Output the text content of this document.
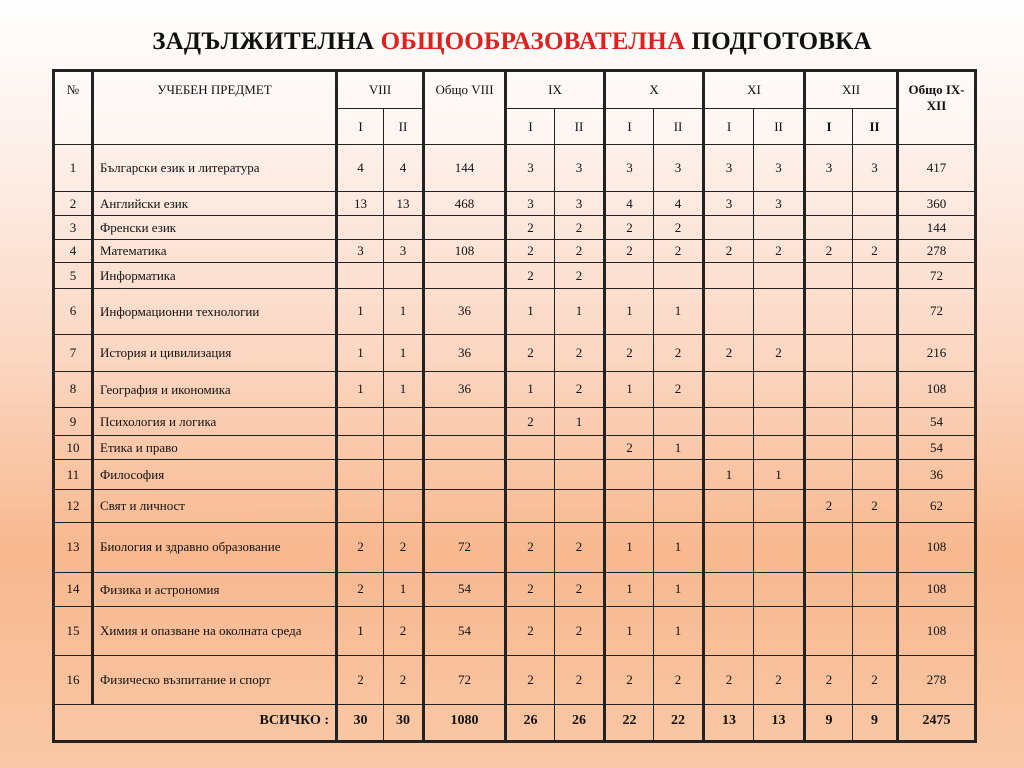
ЗАДЪЛЖИТЕЛНА ОБЩООБРАЗОВАТЕЛНА ПОДГОТОВКА
№	УЧЕБЕН ПРЕДМЕТ	VIII		Общо VIII	IX		X		XI		XII		Общо IX-XII
		I	II		I	II	I	II	I	II	I	II	
1	Български език и литература	4	4	144	3	3	3	3	3	3	3	3	417
2	Английски език	13	13	468	3	3	4	4	3	3			360
3	Френски език				2	2	2	2					144
4	Математика	3	3	108	2	2	2	2	2	2	2	2	278
5	Информатика				2	2							72
6	Информационни технологии	1	1	36	1	1	1	1					72
7	История и цивилизация	1	1	36	2	2	2	2	2	2			216
8	География и икономика	1	1	36	1	2	1	2					108
9	Психология и логика				2	1							54
10	Етика и право						2	1					54
11	Философия								1	1			36
12	Свят и личност										2	2	62
13	Биология и здравно образование	2	2	72	2	2	1	1					108
14	Физика и астрономия	2	1	54	2	2	1	1					108
15	Химия и опазване на околната среда	1	2	54	2	2	1	1					108
16	Физическо възпитание и спорт	2	2	72	2	2	2	2	2	2	2	2	278
ВСИЧКО :		30	30	1080	26	26	22	22	13	13	9	9	2475
